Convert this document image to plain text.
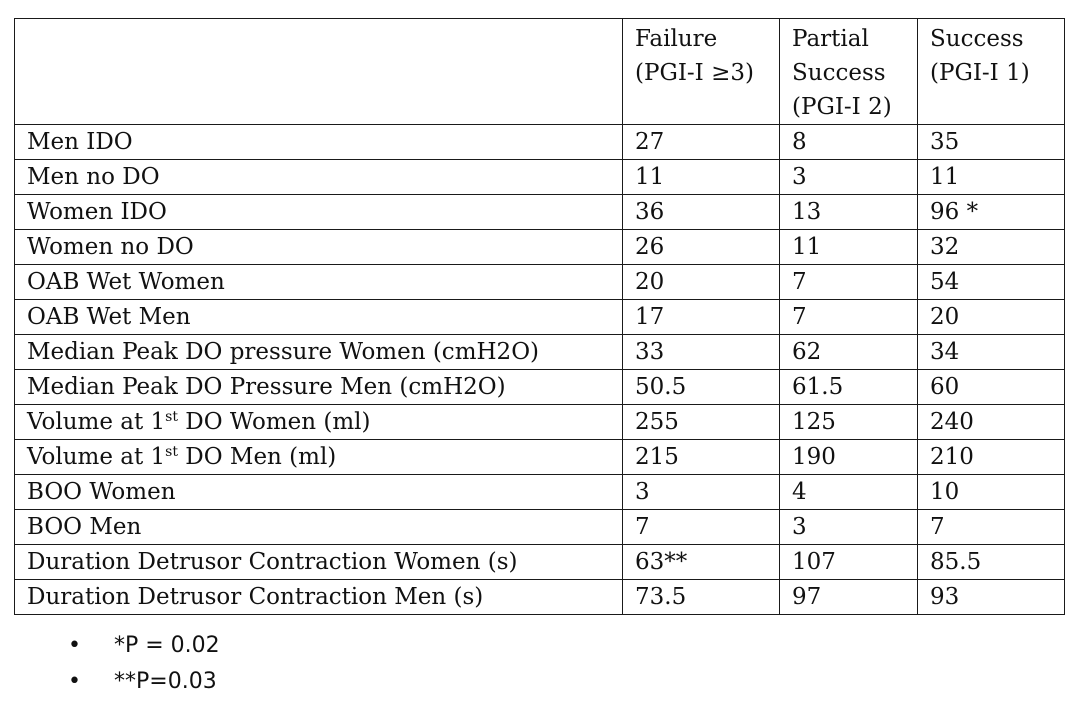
	Failure (PGI-I ≥3)	Partial Success (PGI-I 2)	Success (PGI-I 1)
Men IDO	27	8	35
Men no DO	11	3	11
Women IDO	36	13	96 *
Women no DO	26	11	32
OAB Wet Women	20	7	54
OAB Wet Men	17	7	20
Median Peak DO pressure Women (cmH2O)	33	62	34
Median Peak DO Pressure Men (cmH2O)	50.5	61.5	60
Volume at 1st DO Women (ml)	255	125	240
Volume at 1st DO Men (ml)	215	190	210
BOO Women	3	4	10
BOO Men	7	3	7
Duration Detrusor Contraction Women (s)	63**	107	85.5
Duration Detrusor Contraction Men (s)	73.5	97	93
• *P = 0.02
• **P=0.03
